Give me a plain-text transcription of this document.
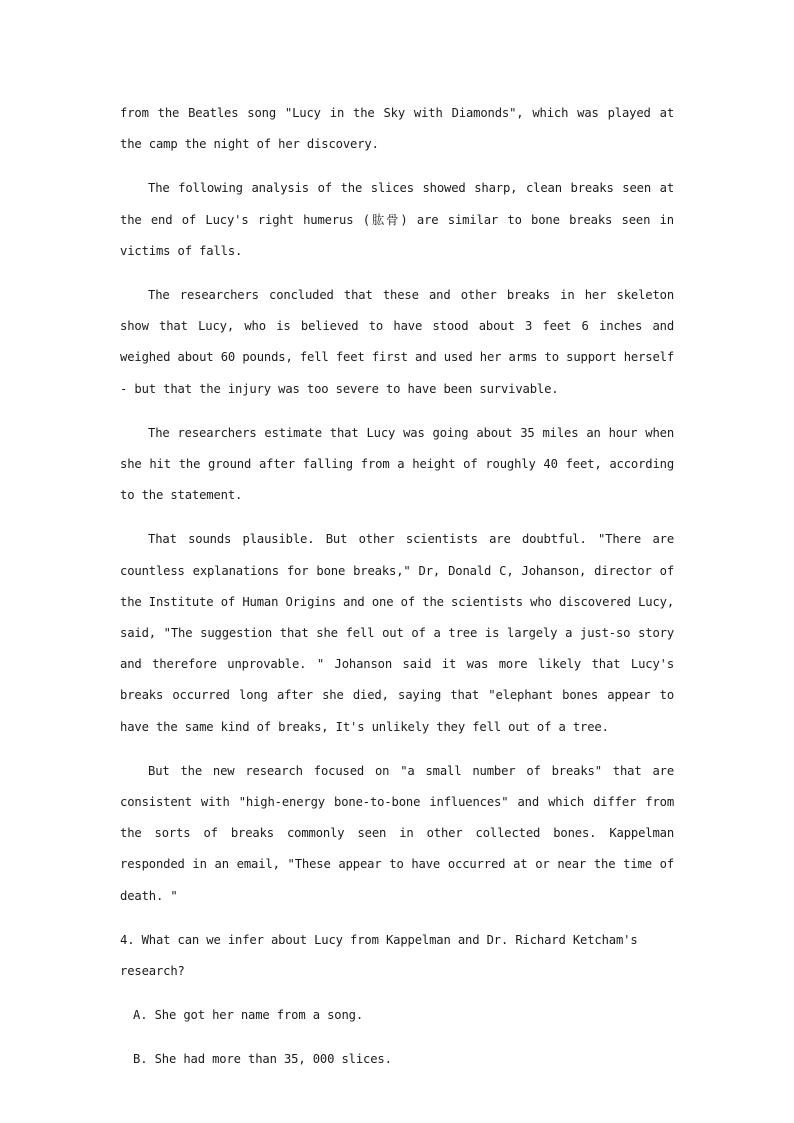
from the Beatles song "Lucy in the Sky with Diamonds", which was played at the camp the night of her discovery.

The following analysis of the slices showed sharp, clean breaks seen at the end of Lucy's right humerus (肱骨) are similar to bone breaks seen in victims of falls.

The researchers concluded that these and other breaks in her skeleton show that Lucy, who is believed to have stood about 3 feet 6 inches and weighed about 60 pounds, fell feet first and used her arms to support herself - but that the injury was too severe to have been survivable.

The researchers estimate that Lucy was going about 35 miles an hour when she hit the ground after falling from a height of roughly 40 feet, according to the statement.

That sounds plausible. But other scientists are doubtful. "There are countless explanations for bone breaks," Dr, Donald C, Johanson, director of the Institute of Human Origins and one of the scientists who discovered Lucy, said, "The suggestion that she fell out of a tree is largely a just-so story and therefore unprovable. " Johanson said it was more likely that Lucy's breaks occurred long after she died, saying that "elephant bones appear to have the same kind of breaks, It's unlikely they fell out of a tree.

But the new research focused on "a small number of breaks" that are consistent with "high-energy bone-to-bone influences" and which differ from the sorts of breaks commonly seen in other collected bones. Kappelman responded in an email, "These appear to have occurred at or near the time of death. "

4. What can we infer about Lucy from Kappelman and Dr. Richard Ketcham's research?

A. She got her name from a song.

B. She had more than 35, 000 slices.
